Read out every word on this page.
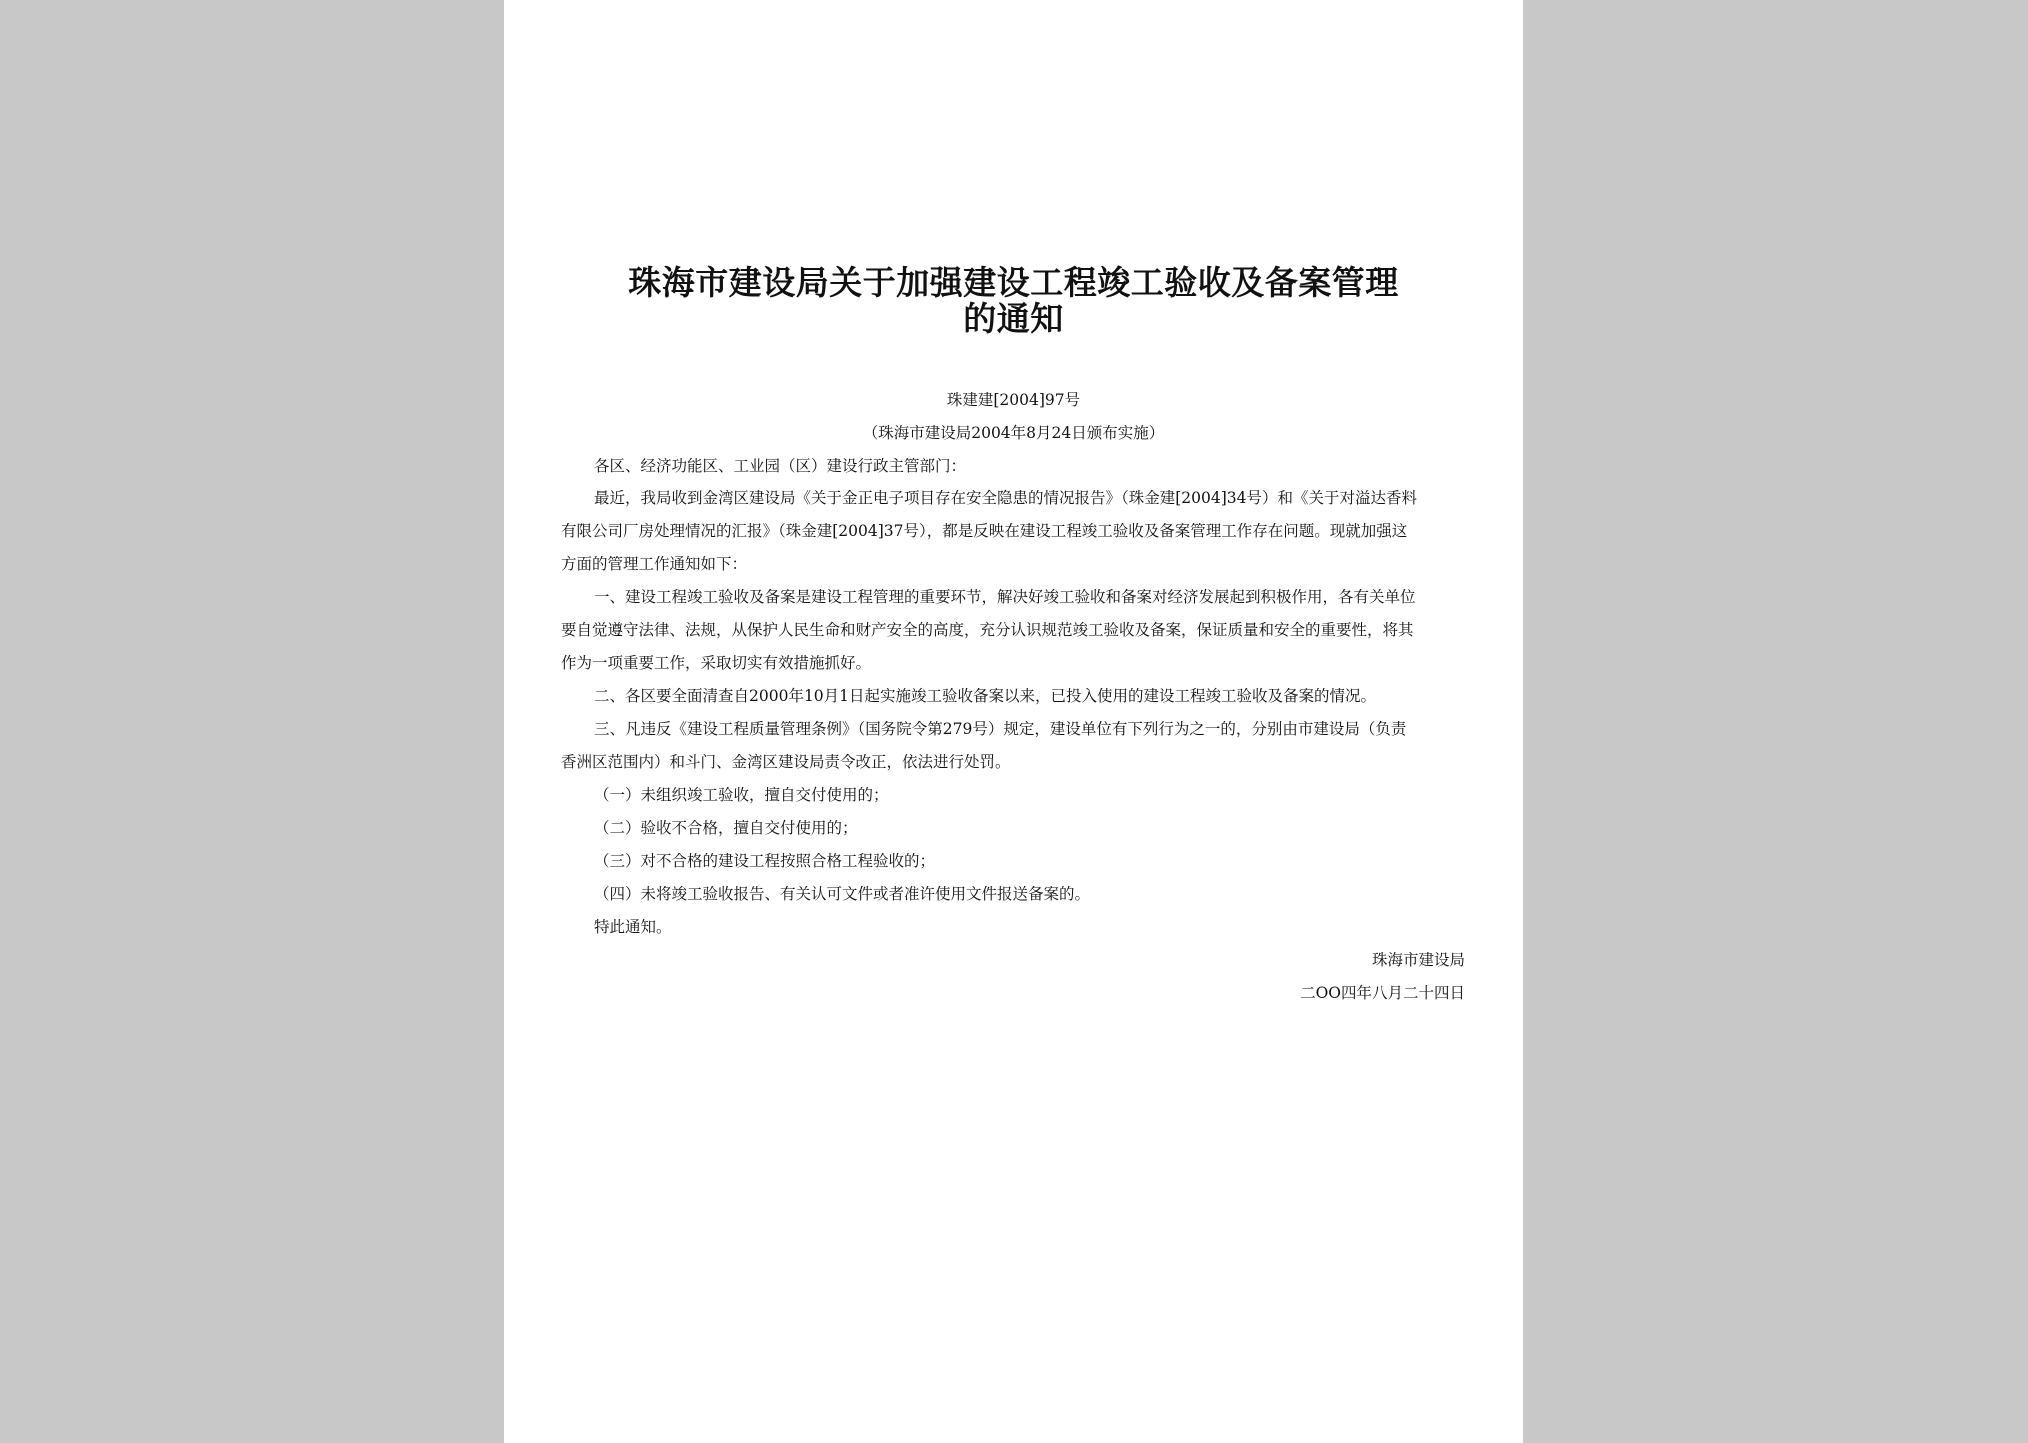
珠海市建设局关于加强建设工程竣工验收及备案管理
的通知

珠建建[2004]97号

（珠海市建设局2004年8月24日颁布实施）

各区、经济功能区、工业园（区）建设行政主管部门：

最近，我局收到金湾区建设局《关于金正电子项目存在安全隐患的情况报告》（珠金建[2004]34号）和《关于对溢达香料

有限公司厂房处理情况的汇报》（珠金建[2004]37号），都是反映在建设工程竣工验收及备案管理工作存在问题。现就加强这

方面的管理工作通知如下：

一、建设工程竣工验收及备案是建设工程管理的重要环节，解决好竣工验收和备案对经济发展起到积极作用，各有关单位

要自觉遵守法律、法规，从保护人民生命和财产安全的高度，充分认识规范竣工验收及备案，保证质量和安全的重要性，将其

作为一项重要工作，采取切实有效措施抓好。

二、各区要全面清查自2000年10月1日起实施竣工验收备案以来，已投入使用的建设工程竣工验收及备案的情况。

三、凡违反《建设工程质量管理条例》（国务院令第279号）规定，建设单位有下列行为之一的，分别由市建设局（负责

香洲区范围内）和斗门、金湾区建设局责令改正，依法进行处罚。

（一）未组织竣工验收，擅自交付使用的；

（二）验收不合格，擅自交付使用的；

（三）对不合格的建设工程按照合格工程验收的；

（四）未将竣工验收报告、有关认可文件或者准许使用文件报送备案的。

特此通知。

珠海市建设局

二OO四年八月二十四日
